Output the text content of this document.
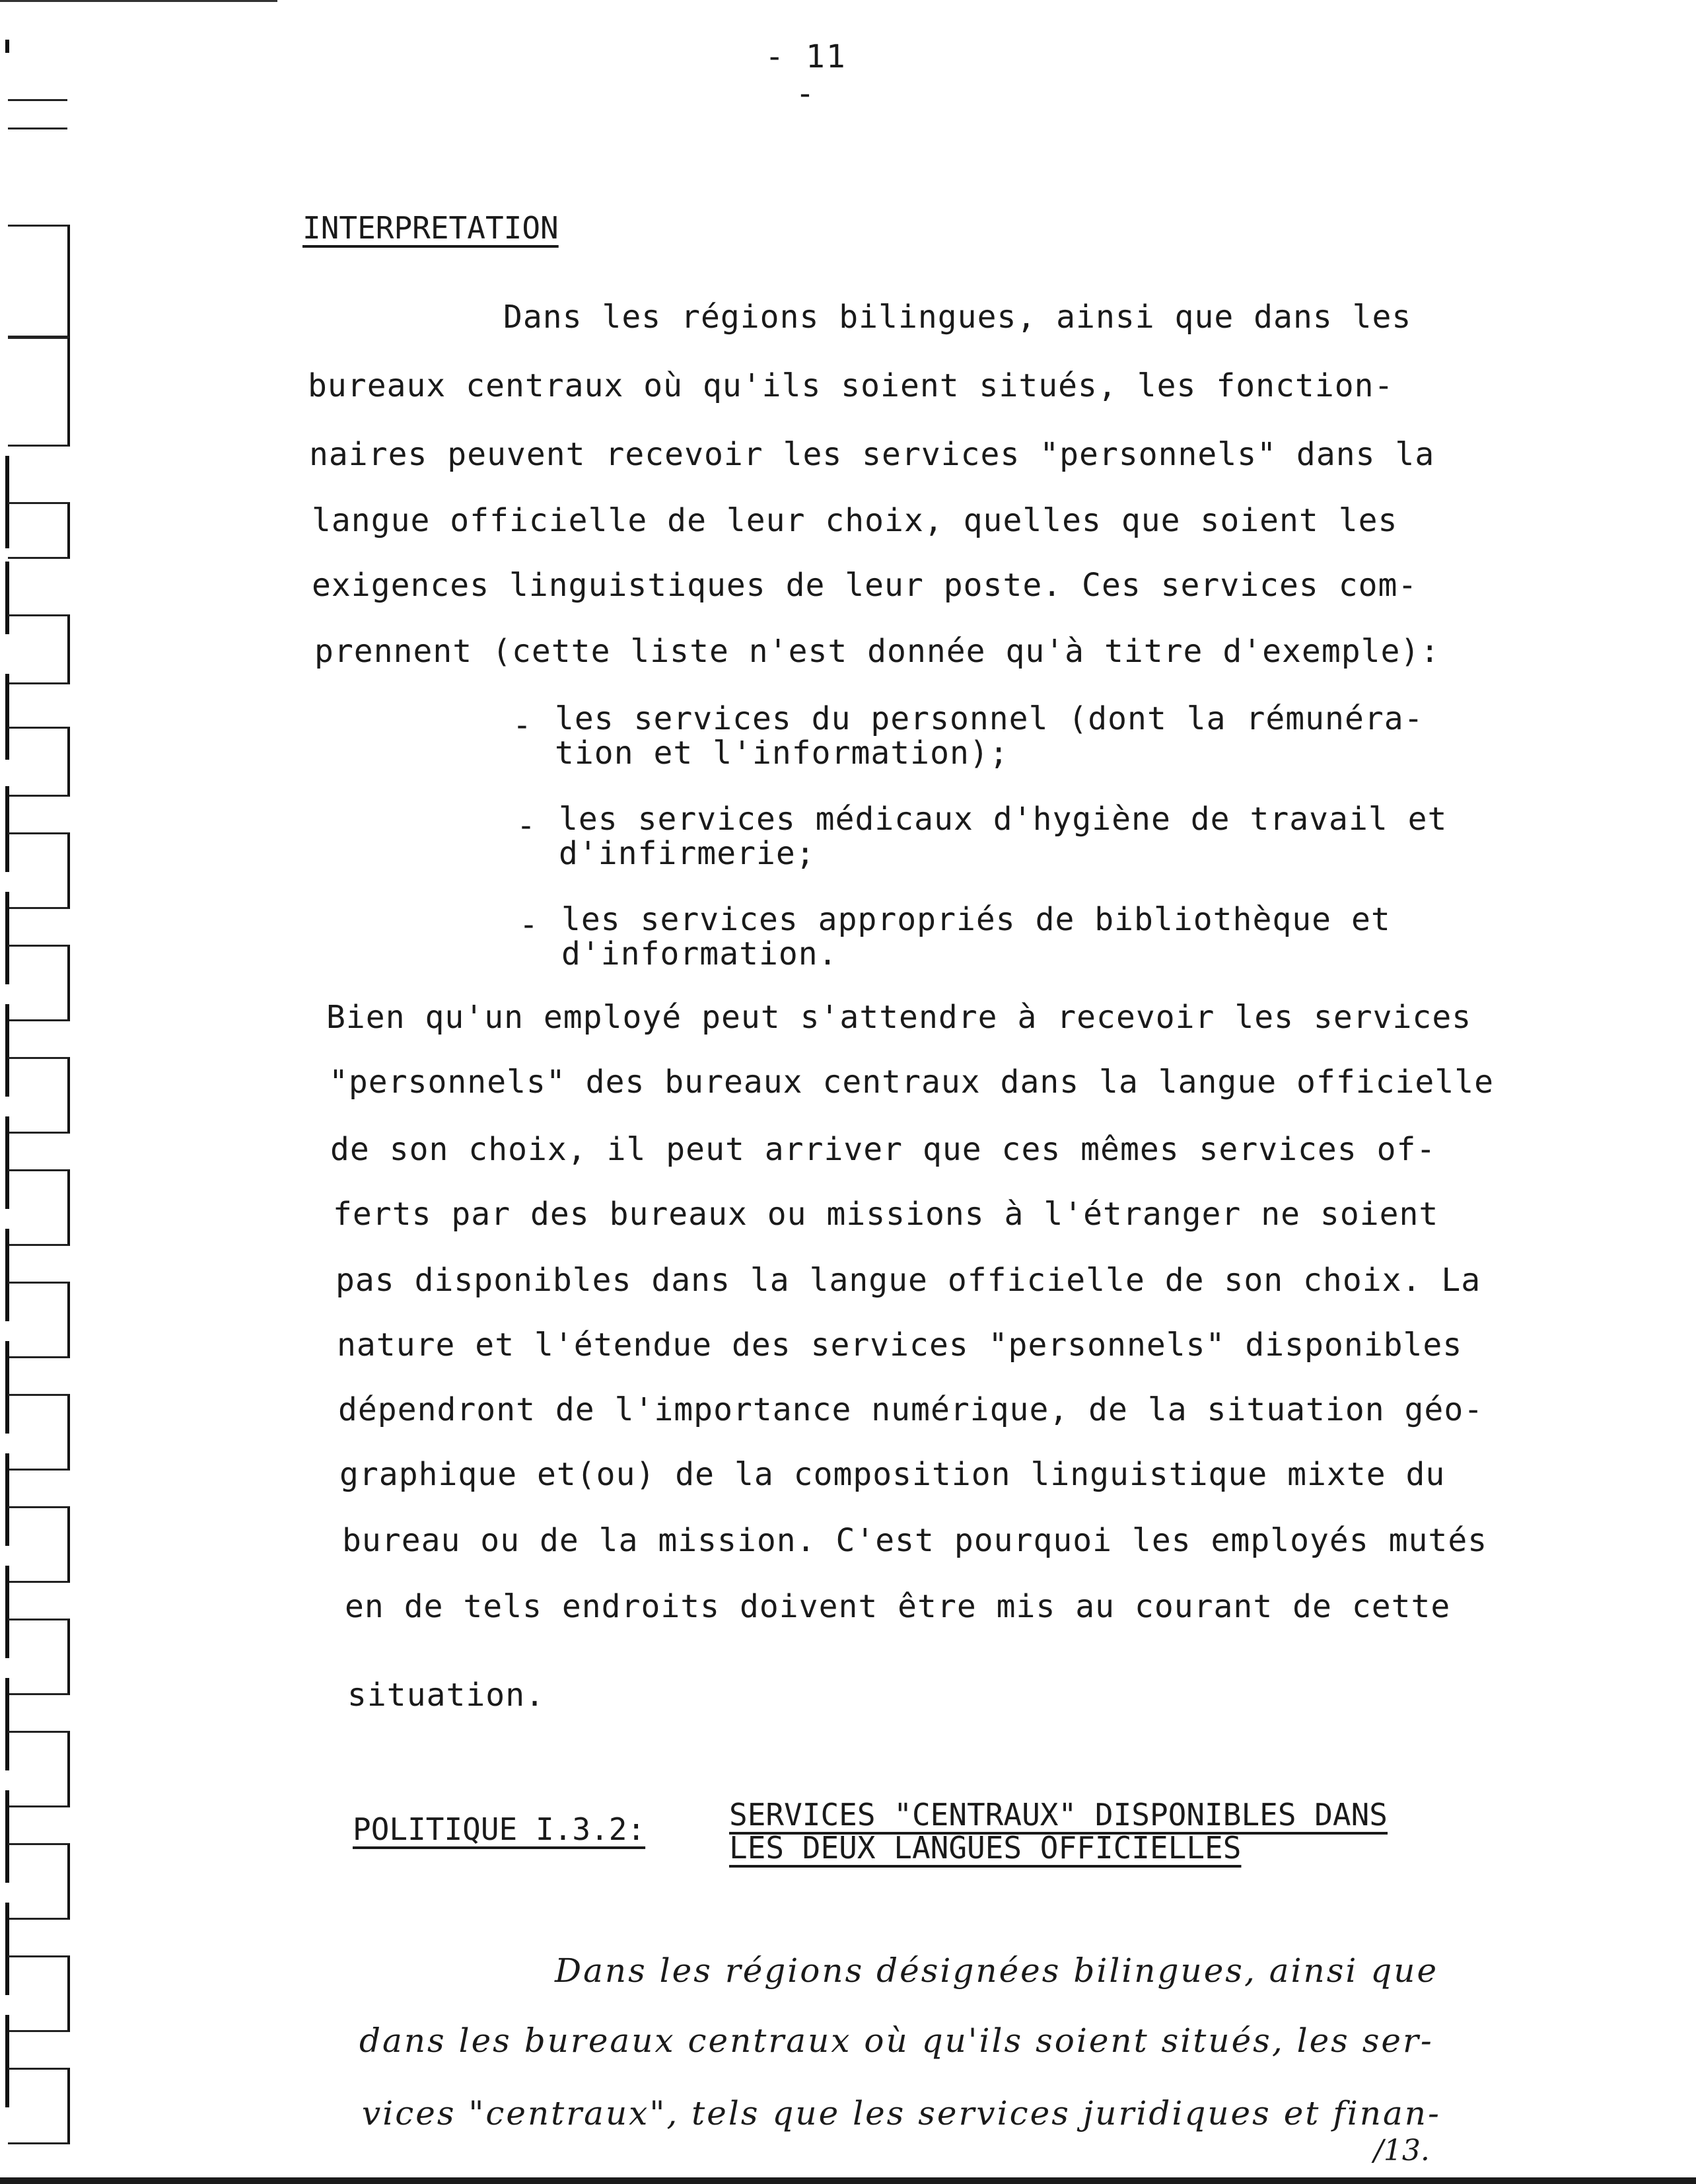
- 11 -
INTERPRETATION
Dans les régions bilingues, ainsi que dans les
bureaux centraux où qu'ils soient situés, les fonction-
naires peuvent recevoir les services "personnels" dans la
langue officielle de leur choix, quelles que soient les
exigences linguistiques de leur poste. Ces services com-
prennent (cette liste n'est donnée qu'à titre d'exemple):
- les services du personnel (dont la rémunéra-
tion et l'information);
- les services médicaux d'hygiène de travail et
d'infirmerie;
- les services appropriés de bibliothèque et
d'information.
Bien qu'un employé peut s'attendre à recevoir les services
"personnels" des bureaux centraux dans la langue officielle
de son choix, il peut arriver que ces mêmes services of-
ferts par des bureaux ou missions à l'étranger ne soient
pas disponibles dans la langue officielle de son choix. La
nature et l'étendue des services "personnels" disponibles
dépendront de l'importance numérique, de la situation géo-
graphique et(ou) de la composition linguistique mixte du
bureau ou de la mission. C'est pourquoi les employés mutés
en de tels endroits doivent être mis au courant de cette
situation.
POLITIQUE I.3.2:	SERVICES "CENTRAUX" DISPONIBLES DANS
LES DEUX LANGUES OFFICIELLES
Dans les régions désignées bilingues, ainsi que
dans les bureaux centraux où qu'ils soient situés, les ser-
vices "centraux", tels que les services juridiques et finan-
/13.
